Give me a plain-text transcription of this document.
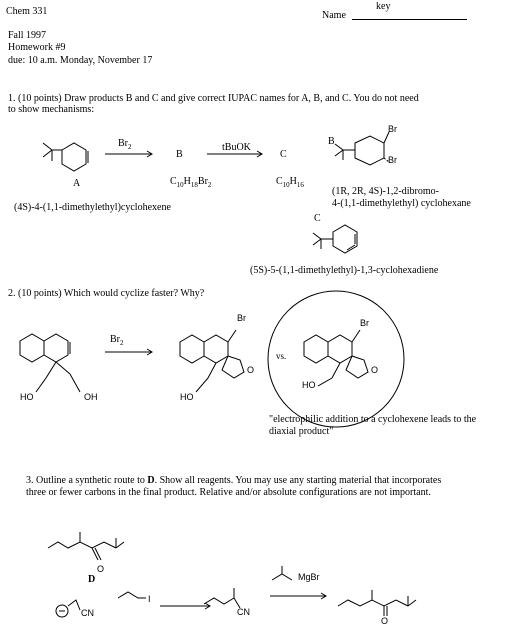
Chem 331	Name
key
Fall 1997
Homework #9
due: 10 a.m. Monday, November 17
1. (10 points) Draw products B and C and give correct IUPAC names for A, B, and C. You do not need
to show mechanisms:
$Br_2$
B
tBuOK
C
A	$C_{10}H_{18}Br_2$	$C_{10}H_{16}$
(4S)-4-(1,1-dimethylethyl)cyclohexene
B
Br
Br
(1R, 2R, 4S)-1,2-dibromo-
4-(1,1-dimethylethyl) cyclohexane
C
(5S)-5-(1,1-dimethylethyl)-1,3-cyclohexadiene
2. (10 points) Which would cyclize faster? Why?
$Br_2$
HO	OH
Br
O
HO
vs.
Br
O
HO
"electrophilic addition to a cyclohexene leads to the
diaxial product"
3. Outline a synthetic route to D. Show all reagents. You may use any starting material that incorporates
three or fewer carbons in the final product. Relative and/or absolute configurations are not important.
O
D
CN
I
CN
MgBr
O
